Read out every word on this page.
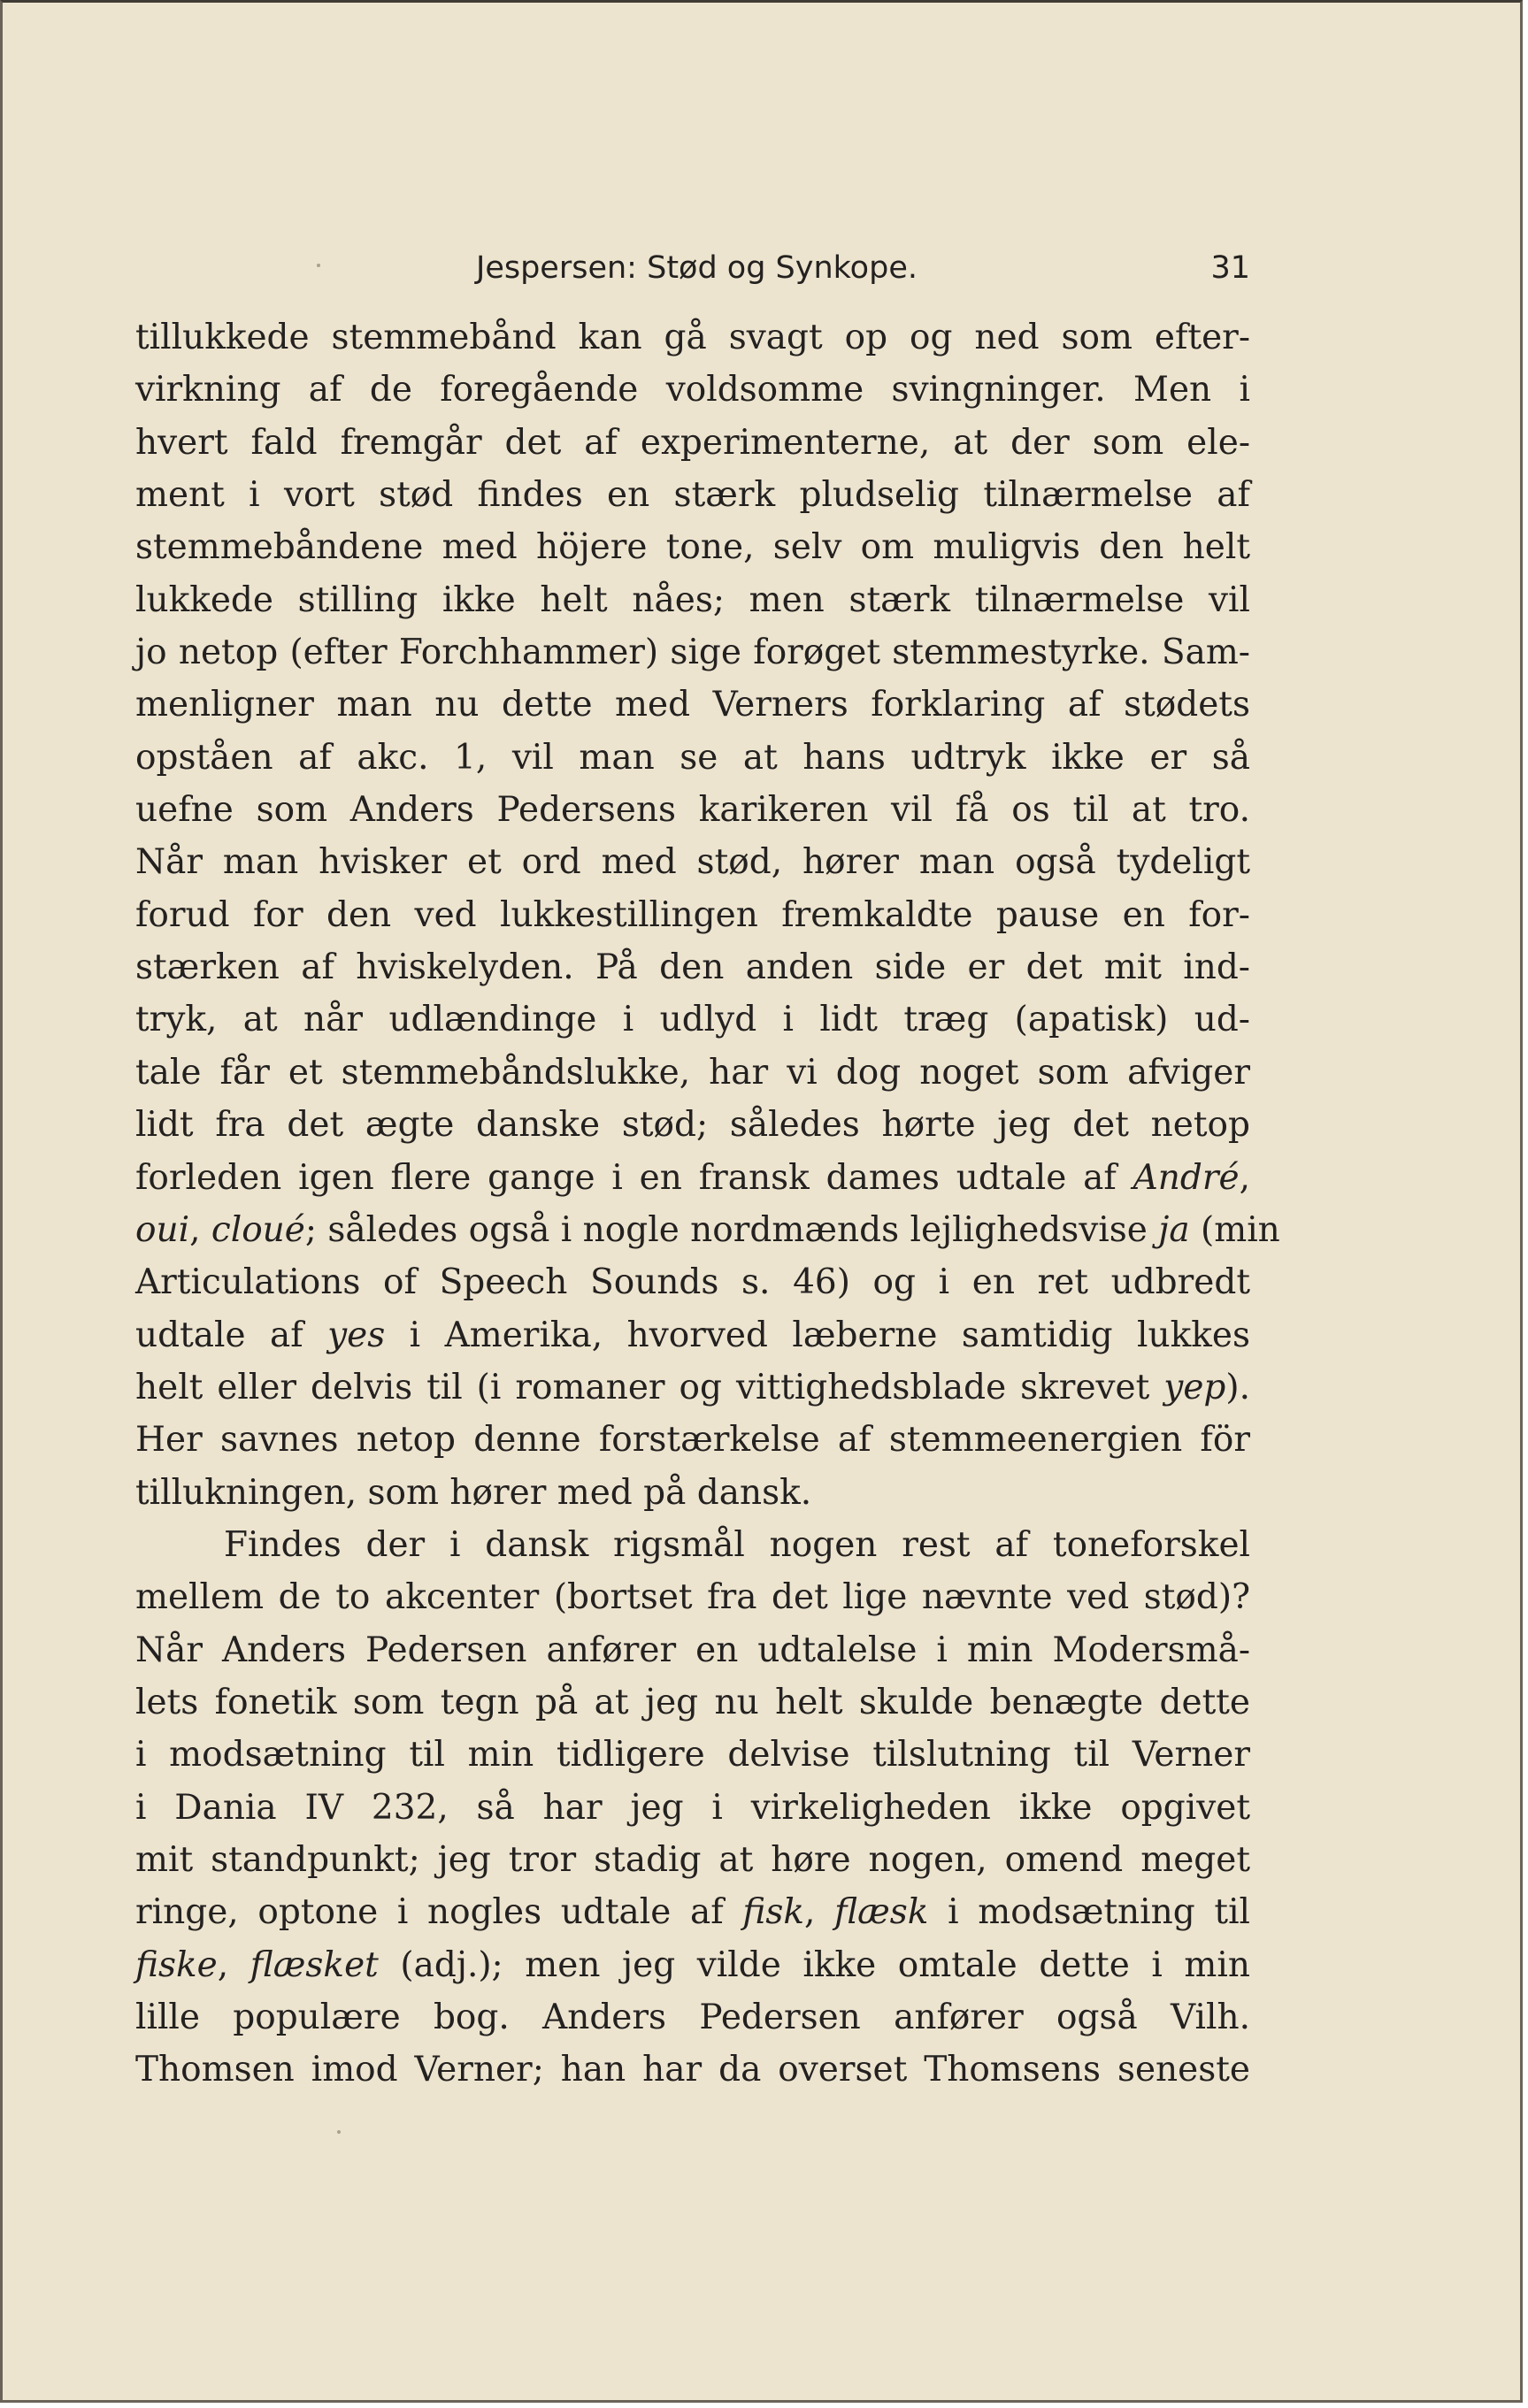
Jespersen: Stød og Synkope.	31
tillukkede stemmebånd kan gå svagt op og ned som efter-
virkning af de foregående voldsomme svingninger. Men i
hvert fald fremgår det af experimenterne, at der som ele-
ment i vort stød findes en stærk pludselig tilnærmelse af
stemmebåndene med höjere tone, selv om muligvis den helt
lukkede stilling ikke helt nåes; men stærk tilnærmelse vil
jo netop (efter Forchhammer) sige forøget stemmestyrke. Sam-
menligner man nu dette med Verners forklaring af stødets
opståen af akc. 1, vil man se at hans udtryk ikke er så
uefne som Anders Pedersens karikeren vil få os til at tro.
Når man hvisker et ord med stød, hører man også tydeligt
forud for den ved lukkestillingen fremkaldte pause en for-
stærken af hviskelyden. På den anden side er det mit ind-
tryk, at når udlændinge i udlyd i lidt træg (apatisk) ud-
tale får et stemmebåndslukke, har vi dog noget som afviger
lidt fra det ægte danske stød; således hørte jeg det netop
forleden igen flere gange i en fransk dames udtale af André,
oui, cloué; således også i nogle nordmænds lejlighedsvise ja (min
Articulations of Speech Sounds s. 46) og i en ret udbredt
udtale af yes i Amerika, hvorved læberne samtidig lukkes
helt eller delvis til (i romaner og vittighedsblade skrevet yep).
Her savnes netop denne forstærkelse af stemmeenergien för
tillukningen, som hører med på dansk.
Findes der i dansk rigsmål nogen rest af toneforskel
mellem de to akcenter (bortset fra det lige nævnte ved stød)?
Når Anders Pedersen anfører en udtalelse i min Modersmå-
lets fonetik som tegn på at jeg nu helt skulde benægte dette
i modsætning til min tidligere delvise tilslutning til Verner
i Dania IV 232, så har jeg i virkeligheden ikke opgivet
mit standpunkt; jeg tror stadig at høre nogen, omend meget
ringe, optone i nogles udtale af fisk, flæsk i modsætning til
fiske, flæsket (adj.); men jeg vilde ikke omtale dette i min
lille populære bog. Anders Pedersen anfører også Vilh.
Thomsen imod Verner; han har da overset Thomsens seneste
